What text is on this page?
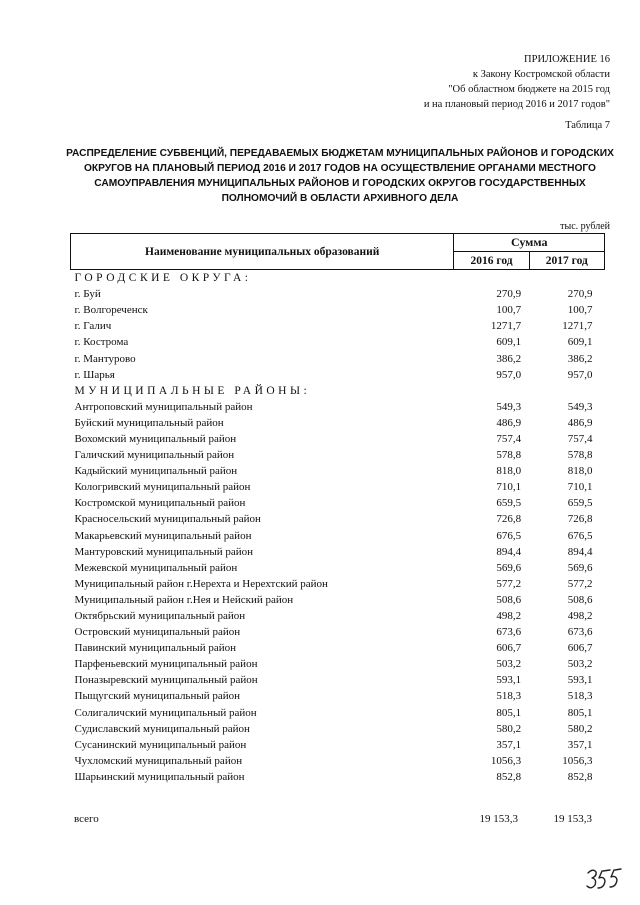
ПРИЛОЖЕНИЕ 16
к Закону Костромской области
"Об областном бюджете на 2015 год
и на плановый период 2016 и 2017 годов"
Таблица 7
РАСПРЕДЕЛЕНИЕ СУБВЕНЦИЙ, ПЕРЕДАВАЕМЫХ БЮДЖЕТАМ МУНИЦИПАЛЬНЫХ РАЙОНОВ И ГОРОДСКИХ ОКРУГОВ НА ПЛАНОВЫЙ ПЕРИОД 2016 И 2017 ГОДОВ НА ОСУЩЕСТВЛЕНИЕ ОРГАНАМИ МЕСТНОГО САМОУПРАВЛЕНИЯ МУНИЦИПАЛЬНЫХ РАЙОНОВ И ГОРОДСКИХ ОКРУГОВ ГОСУДАРСТВЕННЫХ ПОЛНОМОЧИЙ В ОБЛАСТИ АРХИВНОГО ДЕЛА
тыс. рублей
Наименование муниципальных образований	Сумма	
	2016 год	2017 год
ГОРОДСКИЕ ОКРУГА:		
г. Буй	270,9	270,9
г. Волгореченск	100,7	100,7
г. Галич	1271,7	1271,7
г. Кострома	609,1	609,1
г. Мантурово	386,2	386,2
г. Шарья	957,0	957,0
МУНИЦИПАЛЬНЫЕ РАЙОНЫ:		
Антроповский муниципальный район	549,3	549,3
Буйский муниципальный район	486,9	486,9
Вохомский муниципальный район	757,4	757,4
Галичский муниципальный район	578,8	578,8
Кадыйский муниципальный район	818,0	818,0
Кологривский муниципальный район	710,1	710,1
Костромской муниципальный район	659,5	659,5
Красносельский муниципальный район	726,8	726,8
Макарьевский муниципальный район	676,5	676,5
Мантуровский муниципальный район	894,4	894,4
Межевской муниципальный район	569,6	569,6
Муниципальный район г.Нерехта и Нерехтский район	577,2	577,2
Муниципальный район г.Нея и Нейский район	508,6	508,6
Октябрьский муниципальный район	498,2	498,2
Островский муниципальный район	673,6	673,6
Павинский муниципальный район	606,7	606,7
Парфеньевский муниципальный район	503,2	503,2
Поназыревский муниципальный район	593,1	593,1
Пыщугский муниципальный район	518,3	518,3
Солигаличский муниципальный район	805,1	805,1
Судиславский муниципальный район	580,2	580,2
Сусанинский муниципальный район	357,1	357,1
Чухломский муниципальный район	1056,3	1056,3
Шарьинский муниципальный район	852,8	852,8
всего	19 153,3	19 153,3
